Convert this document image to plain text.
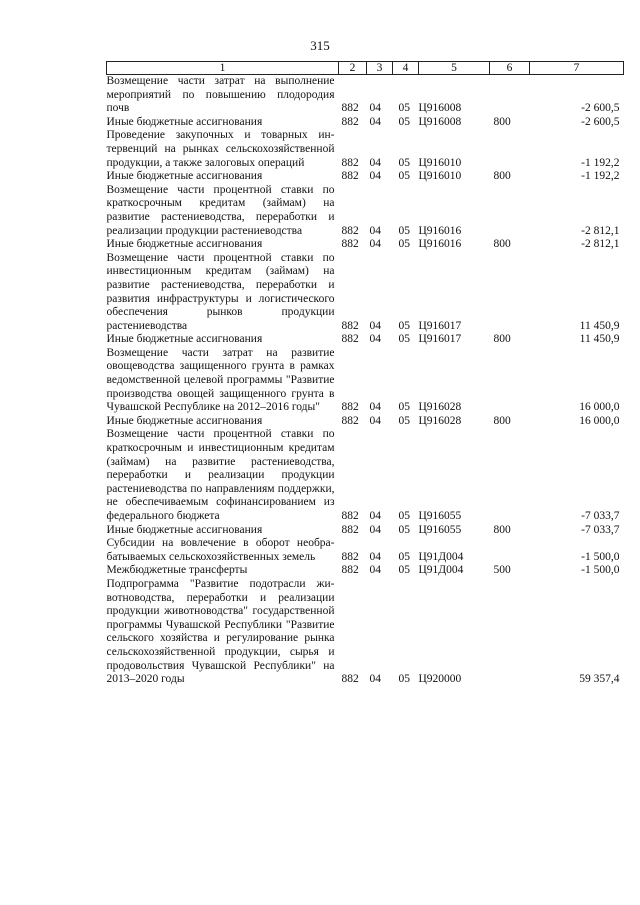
315
1	2	3	4	5	6	7
Возмещение части затрат на выполнение мероприятий по повышению плодородия почв	882	04	05	Ц916008		-2 600,5
Иные бюджетные ассигнования	882	04	05	Ц916008	800	-2 600,5
Проведение закупочных и товарных интервенций на рынках сельскохозяйственной продукции, а также залоговых операций	882	04	05	Ц916010		-1 192,2
Иные бюджетные ассигнования	882	04	05	Ц916010	800	-1 192,2
Возмещение части процентной ставки по краткосрочным кредитам (займам) на развитие растениеводства, переработки и реализации продукции растениеводства	882	04	05	Ц916016		-2 812,1
Иные бюджетные ассигнования	882	04	05	Ц916016	800	-2 812,1
Возмещение части процентной ставки по инвестиционным кредитам (займам) на развитие растениеводства, переработки и развития инфраструктуры и логистического обеспечения рынков продукции растениеводства	882	04	05	Ц916017		11 450,9
Иные бюджетные ассигнования	882	04	05	Ц916017	800	11 450,9
Возмещение части затрат на развитие овощеводства защищенного грунта в рамках ведомственной целевой программы "Развитие производства овощей защищенного грунта в Чувашской Республике на 2012–2016 годы"	882	04	05	Ц916028		16 000,0
Иные бюджетные ассигнования	882	04	05	Ц916028	800	16 000,0
Возмещение части процентной ставки по краткосрочным и инвестиционным кредитам (займам) на развитие растениеводства, переработки и реализации продукции растениеводства по направлениям поддержки, не обеспечиваемым софинансированием из федерального бюджета	882	04	05	Ц916055		-7 033,7
Иные бюджетные ассигнования	882	04	05	Ц916055	800	-7 033,7
Субсидии на вовлечение в оборот необрабатываемых сельскохозяйственных земель	882	04	05	Ц91Д004		-1 500,0
Межбюджетные трансферты	882	04	05	Ц91Д004	500	-1 500,0
Подпрограмма "Развитие подотрасли животноводства, переработки и реализации продукции животноводства" государственной программы Чувашской Республики "Развитие сельского хозяйства и регулирование рынка сельскохозяйственной продукции, сырья и продовольствия Чувашской Республики" на 2013–2020 годы	882	04	05	Ц920000		59 357,4
